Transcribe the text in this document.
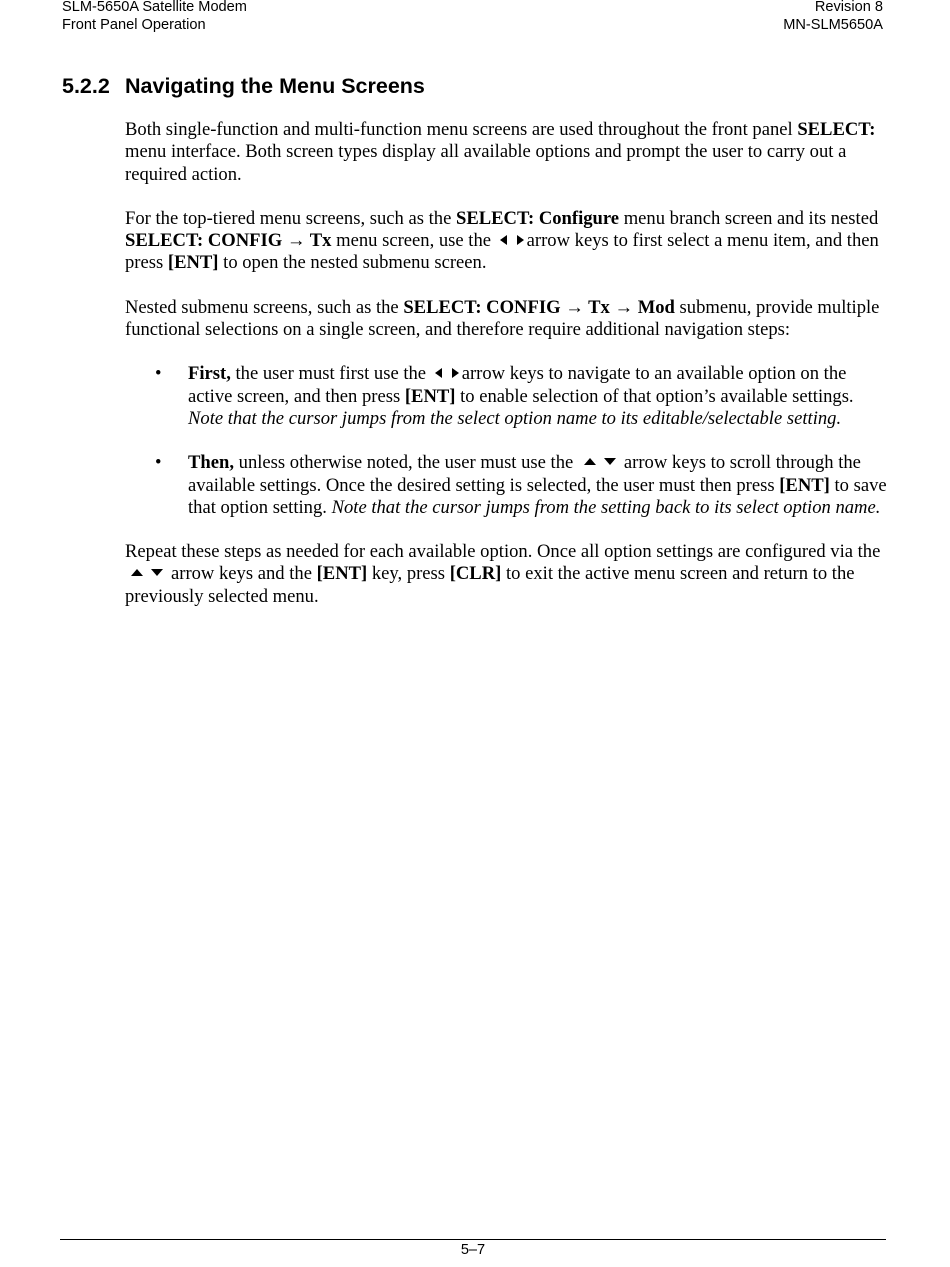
SLM-5650A Satellite Modem
Front Panel Operation
Revision 8
MN-SLM5650A
5.2.2 Navigating the Menu Screens

Both single-function and multi-function menu screens are used throughout the front panel SELECT: menu interface. Both screen types display all available options and prompt the user to carry out a required action.

For the top-tiered menu screens, such as the SELECT: Configure menu branch screen and its nested SELECT: CONFIG → Tx menu screen, use the arrow keys to first select a menu item, and then press [ENT] to open the nested submenu screen.

Nested submenu screens, such as the SELECT: CONFIG → Tx → Mod submenu, provide multiple functional selections on a single screen, and therefore require additional navigation steps:

• First, the user must first use the arrow keys to navigate to an available option on the active screen, and then press [ENT] to enable selection of that option’s available settings. Note that the cursor jumps from the select option name to its editable/selectable setting.
• Then, unless otherwise noted, the user must use the arrow keys to scroll through the available settings. Once the desired setting is selected, the user must then press [ENT] to save that option setting. Note that the cursor jumps from the setting back to its select option name.

Repeat these steps as needed for each available option. Once all option settings are configured via the arrow keys and the [ENT] key, press [CLR] to exit the active menu screen and return to the previously selected menu.

5–7
